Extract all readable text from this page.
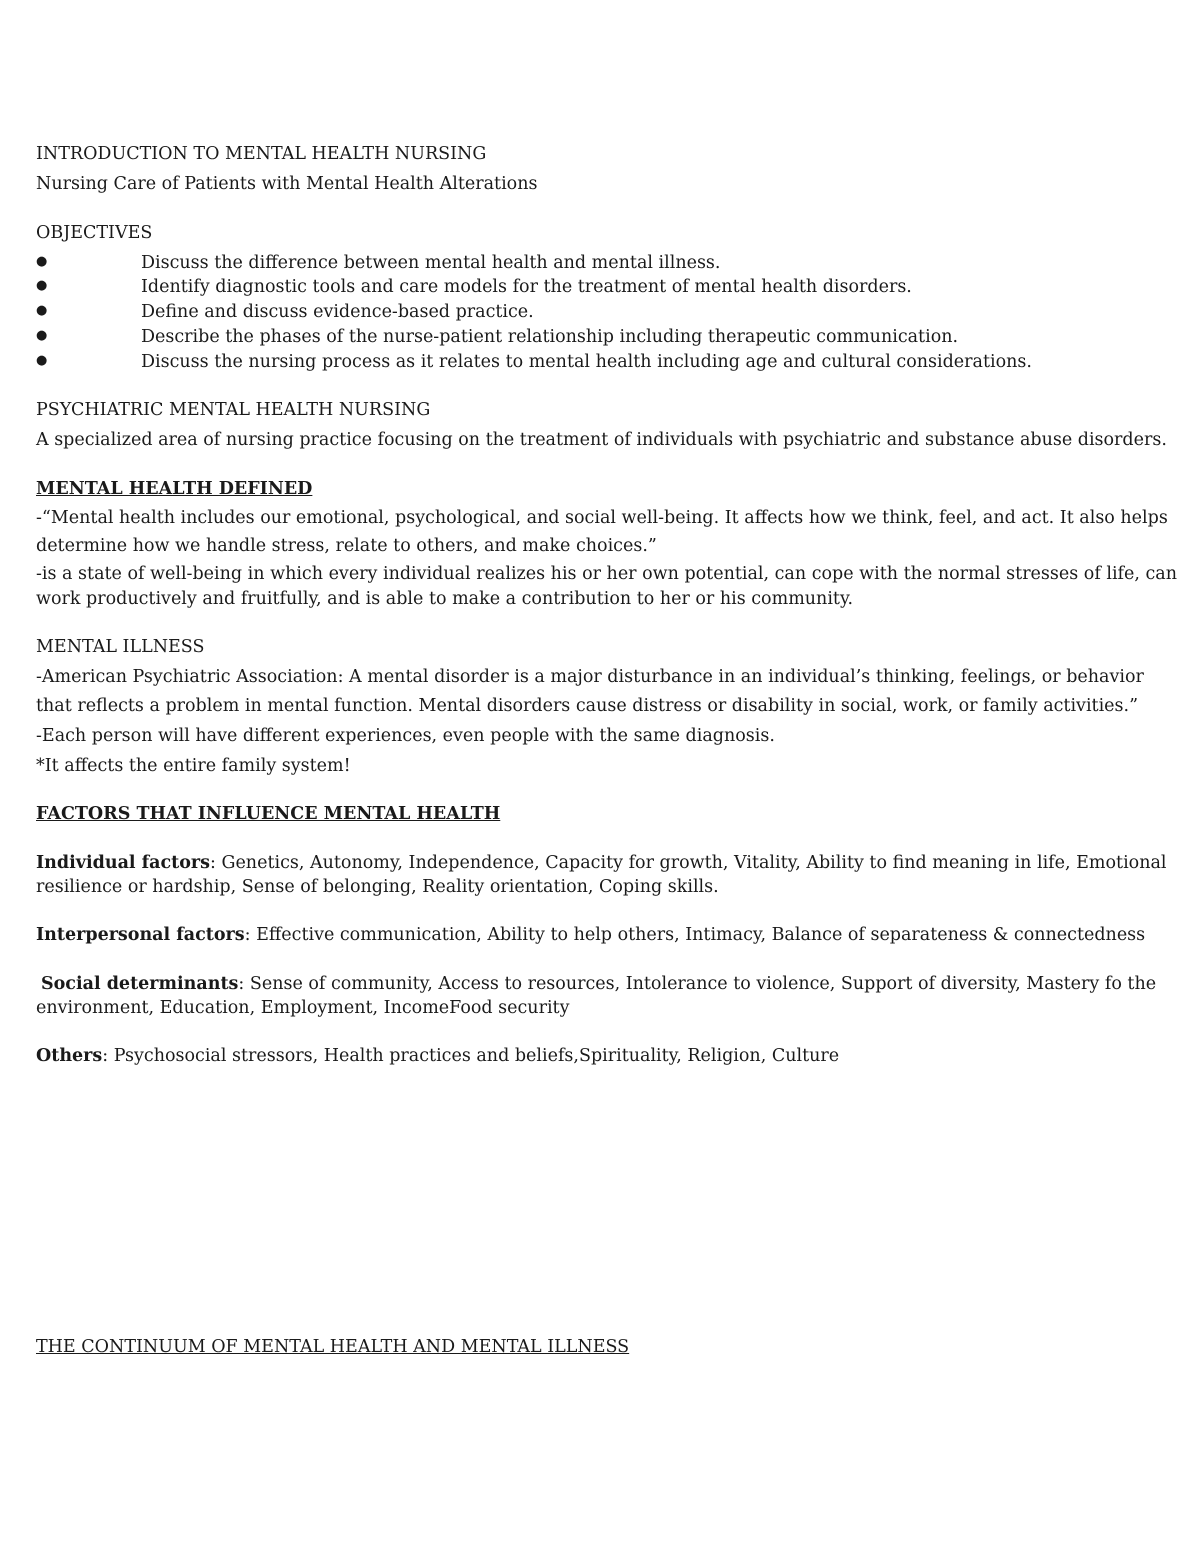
INTRODUCTION TO MENTAL HEALTH NURSING
Nursing Care of Patients with Mental Health Alterations
OBJECTIVES
●	Discuss the difference between mental health and mental illness.
●	Identify diagnostic tools and care models for the treatment of mental health disorders.
●	Define and discuss evidence-based practice.
●	Describe the phases of the nurse-patient relationship including therapeutic communication.
●	Discuss the nursing process as it relates to mental health including age and cultural considerations.
PSYCHIATRIC MENTAL HEALTH NURSING
A specialized area of nursing practice focusing on the treatment of individuals with psychiatric and substance abuse disorders.
MENTAL HEALTH DEFINED
-“Mental health includes our emotional, psychological, and social well-being. It affects how we think, feel, and act. It also helps
determine how we handle stress, relate to others, and make choices.”
-is a state of well-being in which every individual realizes his or her own potential, can cope with the normal stresses of life, can
work productively and fruitfully, and is able to make a contribution to her or his community.
MENTAL ILLNESS
-American Psychiatric Association: A mental disorder is a major disturbance in an individual’s thinking, feelings, or behavior
that reflects a problem in mental function. Mental disorders cause distress or disability in social, work, or family activities.”
-Each person will have different experiences, even people with the same diagnosis.
*It affects the entire family system!
FACTORS THAT INFLUENCE MENTAL HEALTH
Individual factors: Genetics, Autonomy, Independence, Capacity for growth, Vitality, Ability to find meaning in life, Emotional
resilience or hardship, Sense of belonging, Reality orientation, Coping skills.
Interpersonal factors: Effective communication, Ability to help others, Intimacy, Balance of separateness & connectedness
Social determinants: Sense of community, Access to resources, Intolerance to violence, Support of diversity, Mastery fo the
environment, Education, Employment, IncomeFood security
Others: Psychosocial stressors, Health practices and beliefs,Spirituality, Religion, Culture
THE CONTINUUM OF MENTAL HEALTH AND MENTAL ILLNESS
